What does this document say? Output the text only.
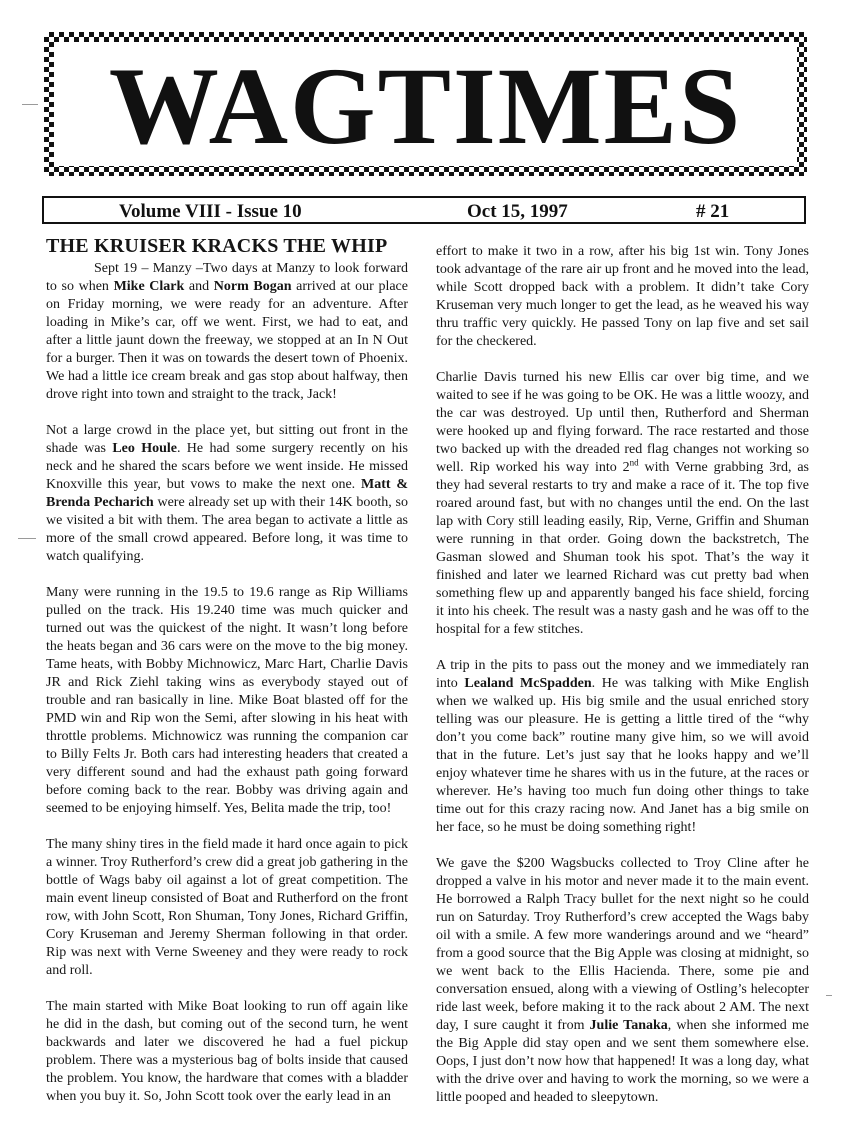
WAGTIMES
Volume VIII - Issue 10	Oct 15, 1997	# 21
THE KRUISER KRACKS THE WHIP

Sept 19 – Manzy –Two days at Manzy to look forward to so when Mike Clark and Norm Bogan arrived at our place on Friday morning, we were ready for an adventure. After loading in Mike’s car, off we went. First, we had to eat, and after a little jaunt down the freeway, we stopped at an In N Out for a burger. Then it was on towards the desert town of Phoenix. We had a little ice cream break and gas stop about halfway, then drove right into town and straight to the track, Jack!

Not a large crowd in the place yet, but sitting out front in the shade was Leo Houle. He had some surgery recently on his neck and he shared the scars before we went inside. He missed Knoxville this year, but vows to make the next one. Matt & Brenda Pecharich were already set up with their 14K booth, so we visited a bit with them. The area began to activate a little as more of the small crowd appeared. Before long, it was time to watch qualifying.

Many were running in the 19.5 to 19.6 range as Rip Williams pulled on the track. His 19.240 time was much quicker and turned out was the quickest of the night. It wasn’t long before the heats began and 36 cars were on the move to the big money. Tame heats, with Bobby Michnowicz, Marc Hart, Charlie Davis JR and Rick Ziehl taking wins as everybody stayed out of trouble and ran basically in line. Mike Boat blasted off for the PMD win and Rip won the Semi, after slowing in his heat with throttle problems. Michnowicz was running the companion car to Billy Felts Jr. Both cars had interesting headers that created a very different sound and had the exhaust path going forward before coming back to the rear. Bobby was driving again and seemed to be enjoying himself. Yes, Belita made the trip, too!

The many shiny tires in the field made it hard once again to pick a winner. Troy Rutherford’s crew did a great job gathering in the bottle of Wags baby oil against a lot of great competition. The main event lineup consisted of Boat and Rutherford on the front row, with John Scott, Ron Shuman, Tony Jones, Richard Griffin, Cory Kruseman and Jeremy Sherman following in that order. Rip was next with Verne Sweeney and they were ready to rock and roll.

The main started with Mike Boat looking to run off again like he did in the dash, but coming out of the second turn, he went backwards and later we discovered he had a fuel pickup problem. There was a mysterious bag of bolts inside that caused the problem. You know, the hardware that comes with a bladder when you buy it. So, John Scott took over the early lead in an

effort to make it two in a row, after his big 1st win. Tony Jones took advantage of the rare air up front and he moved into the lead, while Scott dropped back with a problem. It didn’t take Cory Kruseman very much longer to get the lead, as he weaved his way thru traffic very quickly. He passed Tony on lap five and set sail for the checkered.

Charlie Davis turned his new Ellis car over big time, and we waited to see if he was going to be OK. He was a little woozy, and the car was destroyed. Up until then, Rutherford and Sherman were hooked up and flying forward. The race restarted and those two backed up with the dreaded red flag changes not working so well. Rip worked his way into 2nd with Verne grabbing 3rd, as they had several restarts to try and make a race of it. The top five roared around fast, but with no changes until the end. On the last lap with Cory still leading easily, Rip, Verne, Griffin and Shuman were running in that order. Going down the backstretch, The Gasman slowed and Shuman took his spot. That’s the way it finished and later we learned Richard was cut pretty bad when something flew up and apparently banged his face shield, forcing it into his cheek. The result was a nasty gash and he was off to the hospital for a few stitches.

A trip in the pits to pass out the money and we immediately ran into Lealand McSpadden. He was talking with Mike English when we walked up. His big smile and the usual enriched story telling was our pleasure. He is getting a little tired of the “why don’t you come back” routine many give him, so we will avoid that in the future. Let’s just say that he looks happy and we’ll enjoy whatever time he shares with us in the future, at the races or wherever. He’s having too much fun doing other things to take time out for this crazy racing now. And Janet has a big smile on her face, so he must be doing something right!

We gave the $200 Wagsbucks collected to Troy Cline after he dropped a valve in his motor and never made it to the main event. He borrowed a Ralph Tracy bullet for the next night so he could run on Saturday. Troy Rutherford’s crew accepted the Wags baby oil with a smile. A few more wanderings around and we “heard” from a good source that the Big Apple was closing at midnight, so we went back to the Ellis Hacienda. There, some pie and conversation ensued, along with a viewing of Ostling’s helecopter ride last week, before making it to the rack about 2 AM. The next day, I sure caught it from Julie Tanaka, when she informed me the Big Apple did stay open and we sent them somewhere else. Oops, I just don’t now how that happened! It was a long day, what with the drive over and having to work the morning, so we were a little pooped and headed to sleepytown.
